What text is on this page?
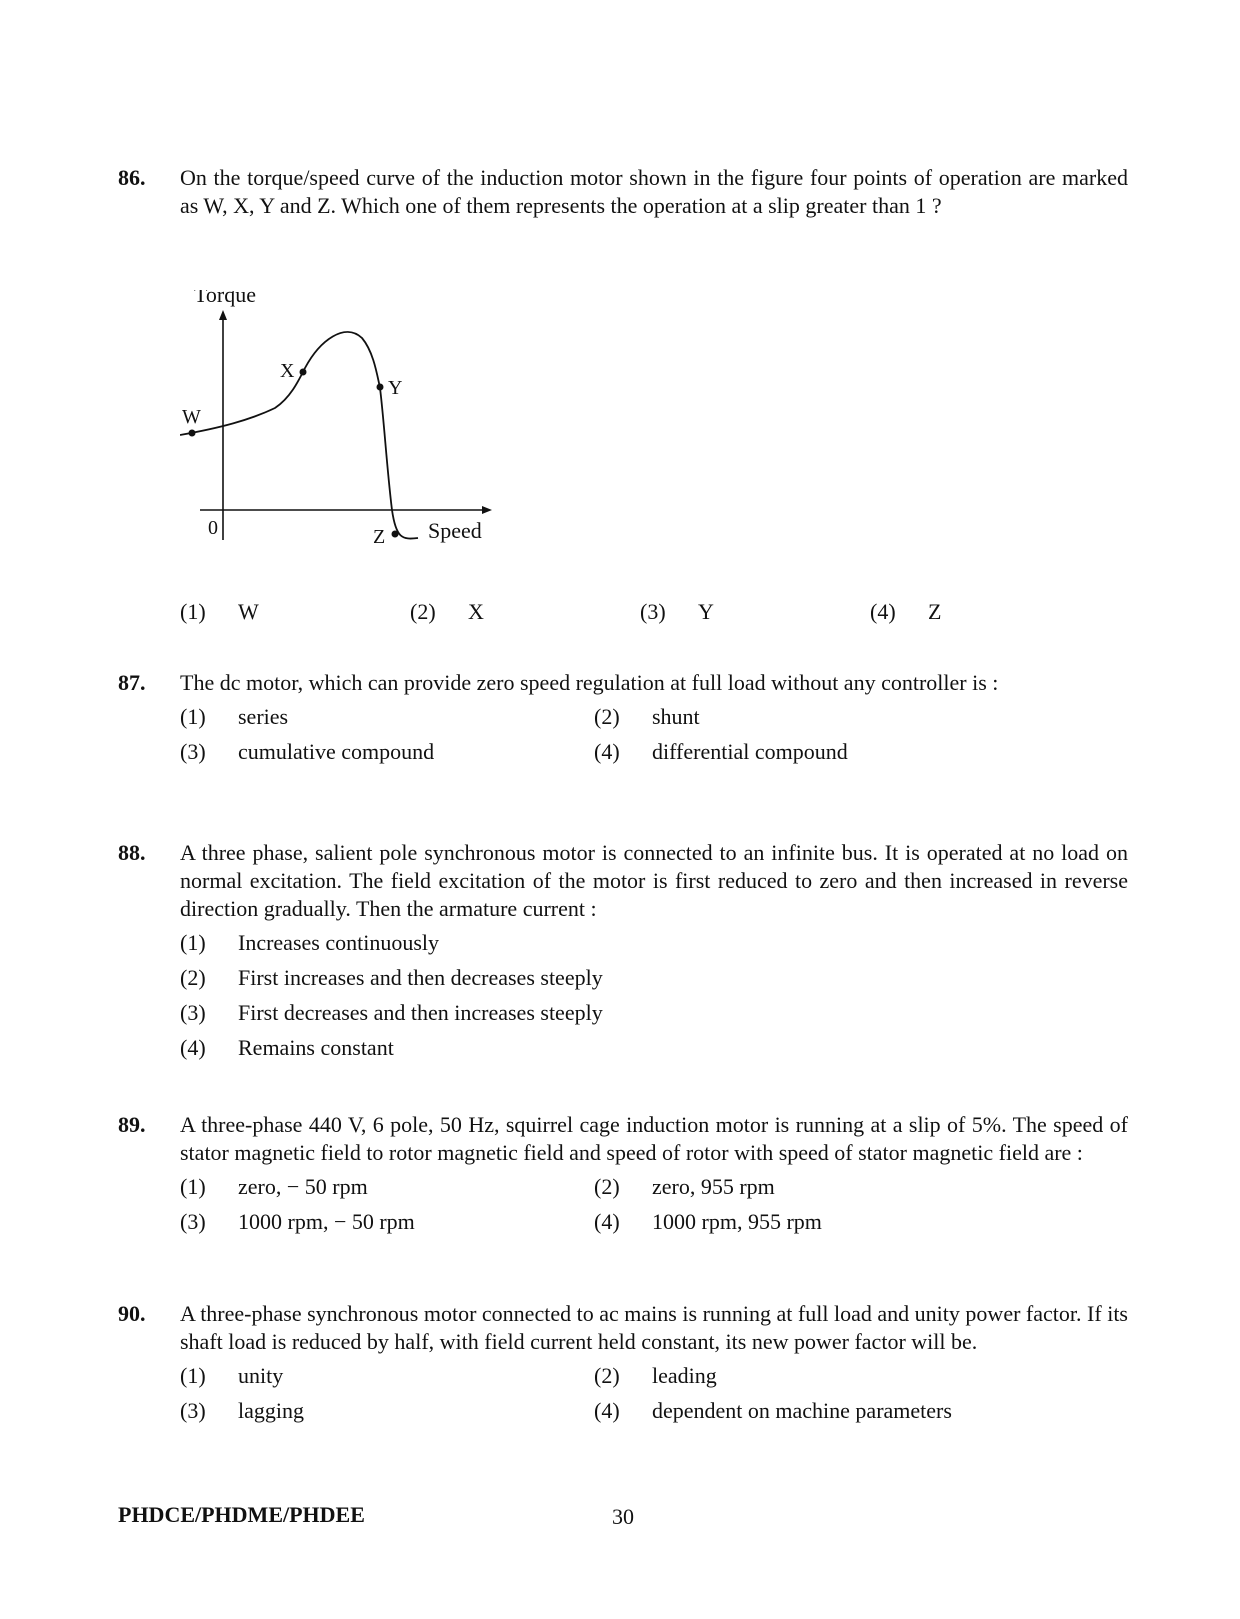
86. On the torque/speed curve of the induction motor shown in the figure four points of operation are marked as W, X, Y and Z. Which one of them represents the operation at a slip greater than 1 ?
Torque
0
W
X
Y
Z Speed
(1) W	(2) X	(3) Y	(4) Z
87. The dc motor, which can provide zero speed regulation at full load without any controller is :
(1) series	(2) shunt
(3) cumulative compound	(4) differential compound
88. A three phase, salient pole synchronous motor is connected to an infinite bus. It is operated at no load on normal excitation. The field excitation of the motor is first reduced to zero and then increased in reverse direction gradually. Then the armature current :
(1) Increases continuously
(2) First increases and then decreases steeply
(3) First decreases and then increases steeply
(4) Remains constant
89. A three-phase 440 V, 6 pole, 50 Hz, squirrel cage induction motor is running at a slip of 5%. The speed of stator magnetic field to rotor magnetic field and speed of rotor with speed of stator magnetic field are :
(1) zero, − 50 rpm	(2) zero, 955 rpm
(3) 1000 rpm, − 50 rpm	(4) 1000 rpm, 955 rpm
90. A three-phase synchronous motor connected to ac mains is running at full load and unity power factor. If its shaft load is reduced by half, with field current held constant, its new power factor will be.
(1) unity	(2) leading
(3) lagging	(4) dependent on machine parameters
PHDCE/PHDME/PHDEE	30
